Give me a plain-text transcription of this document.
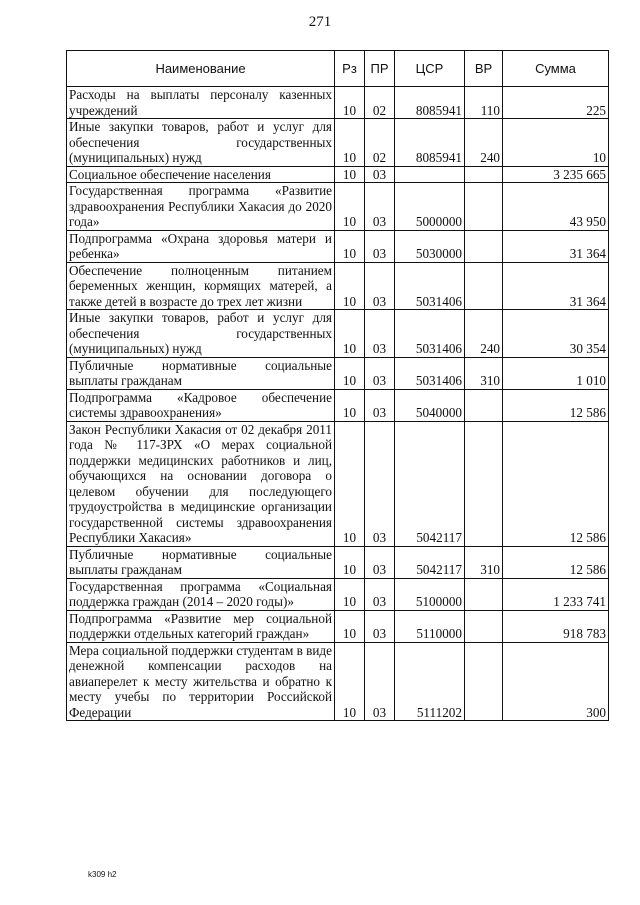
271
Наименование	Рз	ПР	ЦСР	ВР	Сумма
Расходы на выплаты персоналу казенных учреждений	10	02	8085941	110	225
Иные закупки товаров, работ и услуг для обеспечения государственных (муниципальных) нужд	10	02	8085941	240	10
Социальное обеспечение населения	10	03			3 235 665
Государственная программа «Развитие здравоохранения Республики Хакасия до 2020 года»	10	03	5000000		43 950
Подпрограмма «Охрана здоровья матери и ребенка»	10	03	5030000		31 364
Обеспечение полноценным питанием беременных женщин, кормящих матерей, а также детей в возрасте до трех лет жизни	10	03	5031406		31 364
Иные закупки товаров, работ и услуг для обеспечения государственных (муниципальных) нужд	10	03	5031406	240	30 354
Публичные нормативные социальные выплаты гражданам	10	03	5031406	310	1 010
Подпрограмма «Кадровое обеспечение системы здравоохранения»	10	03	5040000		12 586
Закон Республики Хакасия от 02 декабря 2011 года № 117-ЗРХ «О мерах социальной поддержки медицинских работников и лиц, обучающихся на основании договора о целевом обучении для последующего трудоустройства в медицинские организации государственной системы здравоохранения Республики Хакасия»	10	03	5042117		12 586
Публичные нормативные социальные выплаты гражданам	10	03	5042117	310	12 586
Государственная программа «Социальная поддержка граждан (2014 – 2020 годы)»	10	03	5100000		1 233 741
Подпрограмма «Развитие мер социальной поддержки отдельных категорий граждан»	10	03	5110000		918 783
Мера социальной поддержки студентам в виде денежной компенсации расходов на авиаперелет к месту жительства и обратно к месту учебы по территории Российской Федерации	10	03	5111202		300
k309 h2
